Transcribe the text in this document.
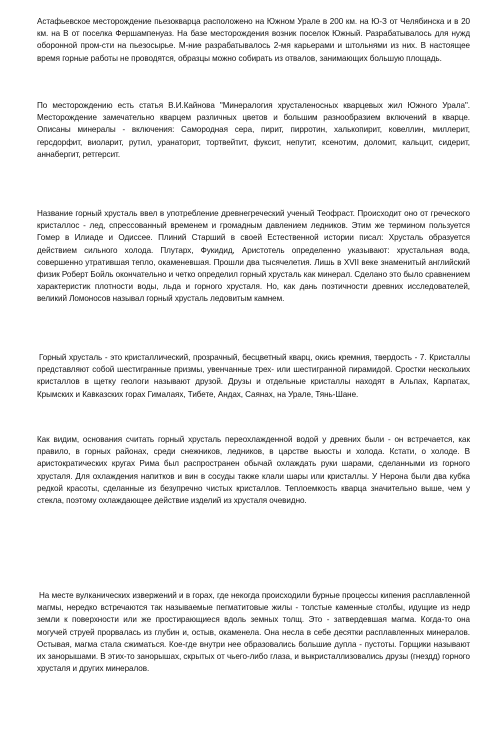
Астафьевское месторождение пьезокварца расположено на Южном Урале в 200 км. на Ю-З от Челябинска и в 20 км. на В от поселка Фершампенуаз. На базе месторождения возник поселок Южный. Разрабатывалось для нужд оборонной пром-сти на пьезосырье. М-ние разрабатывалось 2-мя карьерами и штольнями из них. В настоящее время горные работы не проводятся, образцы можно собирать из отвалов, занимающих большую площадь.

По месторождению есть статья В.И.Кайнова "Минералогия хрусталеносных кварцевых жил Южного Урала". Месторождение замечательно кварцем различных цветов и большим разнообразием включений в кварце. Описаны минералы - включения: Самородная сера, пирит, пирротин, халькопирит, ковеллин, миллерит, герсдорфит, виоларит, рутил, уранаторит, тортвейтит, фуксит, непутит, ксенотим, доломит, кальцит, сидерит, аннабергит, ретгерсит.

Название горный хрусталь ввел в употребление древнегреческий ученый Теофраст. Происходит оно от греческого кристаллос - лед, спрессованный временем и громадным давлением ледников. Этим же термином пользуется Гомер в Илиаде и Одиссее. Плиний Старший в своей Естественной истории писал: Хрусталь образуется действием сильного холода. Плутарх, Фукидид, Аристотель определенно указывают: хрустальная вода, совершенно утратившая тепло, окаменевшая. Прошли два тысячелетия. Лишь в XVII веке знаменитый английский физик Роберт Бойль окончательно и четко определил горный хрусталь как минерал. Сделано это было сравнением характеристик плотности воды, льда и горного хрусталя. Но, как дань поэтичности древних исследователей, великий Ломоносов называл горный хрусталь ледовитым камнем.

Горный хрусталь - это кристаллический, прозрачный, бесцветный кварц, окись кремния, твердость - 7. Кристаллы представляют собой шестигранные призмы, увенчанные трех- или шестигранной пирамидой. Сростки нескольких кристаллов в щетку геологи называют друзой. Друзы и отдельные кристаллы находят в Альпах, Карпатах, Крымских и Кавказских горах Гималаях, Тибете, Андах, Саянах, на Урале, Тянь-Шане.

Как видим, основания считать горный хрусталь переохлажденной водой у древних были - он встречается, как правило, в горных районах, среди снежников, ледников, в царстве вьюсты и холода. Кстати, о холоде. В аристократических кругах Рима был распространен обычай охлаждать руки шарами, сделанными из горного хрусталя. Для охлаждения напитков и вин в сосуды также клали шары или кристаллы. У Нерона были два кубка редкой красоты, сделанные из безупречно чистых кристаллов. Теплоемкость кварца значительно выше, чем у стекла, поэтому охлаждающее действие изделий из хрусталя очевидно.

На месте вулканических извержений и в горах, где некогда происходили бурные процессы кипения расплавленной магмы, нередко встречаются так называемые пегматитовые жилы - толстые каменные столбы, идущие из недр земли к поверхности или же простирающиеся вдоль земных толщ. Это - затвердевшая магма. Когда-то она могучей струей прорвалась из глубин и, остыв, окаменела. Она несла в себе десятки расплавленных минералов. Остывая, магма стала сжиматься. Кое-где внутри нее образовались большие дупла - пустоты. Горщики называют их занорышами. В этих-то занорышах, скрытых от чьего-либо глаза, и выкристаллизовались друзы (гнездд) горного хрусталя и других минералов.
